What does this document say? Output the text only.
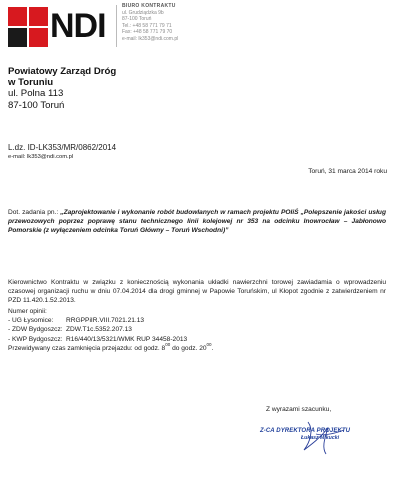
NDI
BIURO KONTRAKTU
ul. Grudziądzka 9b
87-100 Toruń
Tel.: +48 58 771 79 71
Fax: +48 58 771 79 70
e-mail: lk353@ndi.com.pl
Powiatowy Zarząd Dróg
w Toruniu
ul. Polna 113
87-100 Toruń
L.dz. ID-LK353/MR/0862/2014
e-mail: lk353@ndi.com.pl
Toruń, 31 marca 2014 roku
Dot. zadania pn.: „Zaprojektowanie i wykonanie robót budowlanych w ramach projektu POIiŚ „Polepszenie jakości usług przewozowych poprzez poprawę stanu technicznego linii kolejowej nr 353 na odcinku Inowrocław – Jabłonowo Pomorskie (z wyłączeniem odcinka Toruń Główny – Toruń Wschodni)”
Kierownictwo Kontraktu w związku z koniecznością wykonania układki nawierzchni torowej zawiadamia o wprowadzeniu czasowej organizacji ruchu w dniu 07.04.2014 dla drogi gminnej w Papowie Toruńskim, ul Kłopot zgodnie z zatwierdzeniem nr PZD 11.420.1.52.2013.
Numer opinii:
- UG Łysomice:	RRGPPiIR.VIII.7021.21.13
- ZDW Bydgoszcz: ZDW.T1c.5352.207.13
- KWP Bydgoszcz: R16/440/13/5321/WMK RUP 34458-2013
Przewidywany czas zamknięcia przejazdu: od godz. $8^{00}$ do godz. $20^{00}$.
Z wyrazami szacunku,
Z-CA DYREKTORA PROJEKTU
Łukasz Mikucki
